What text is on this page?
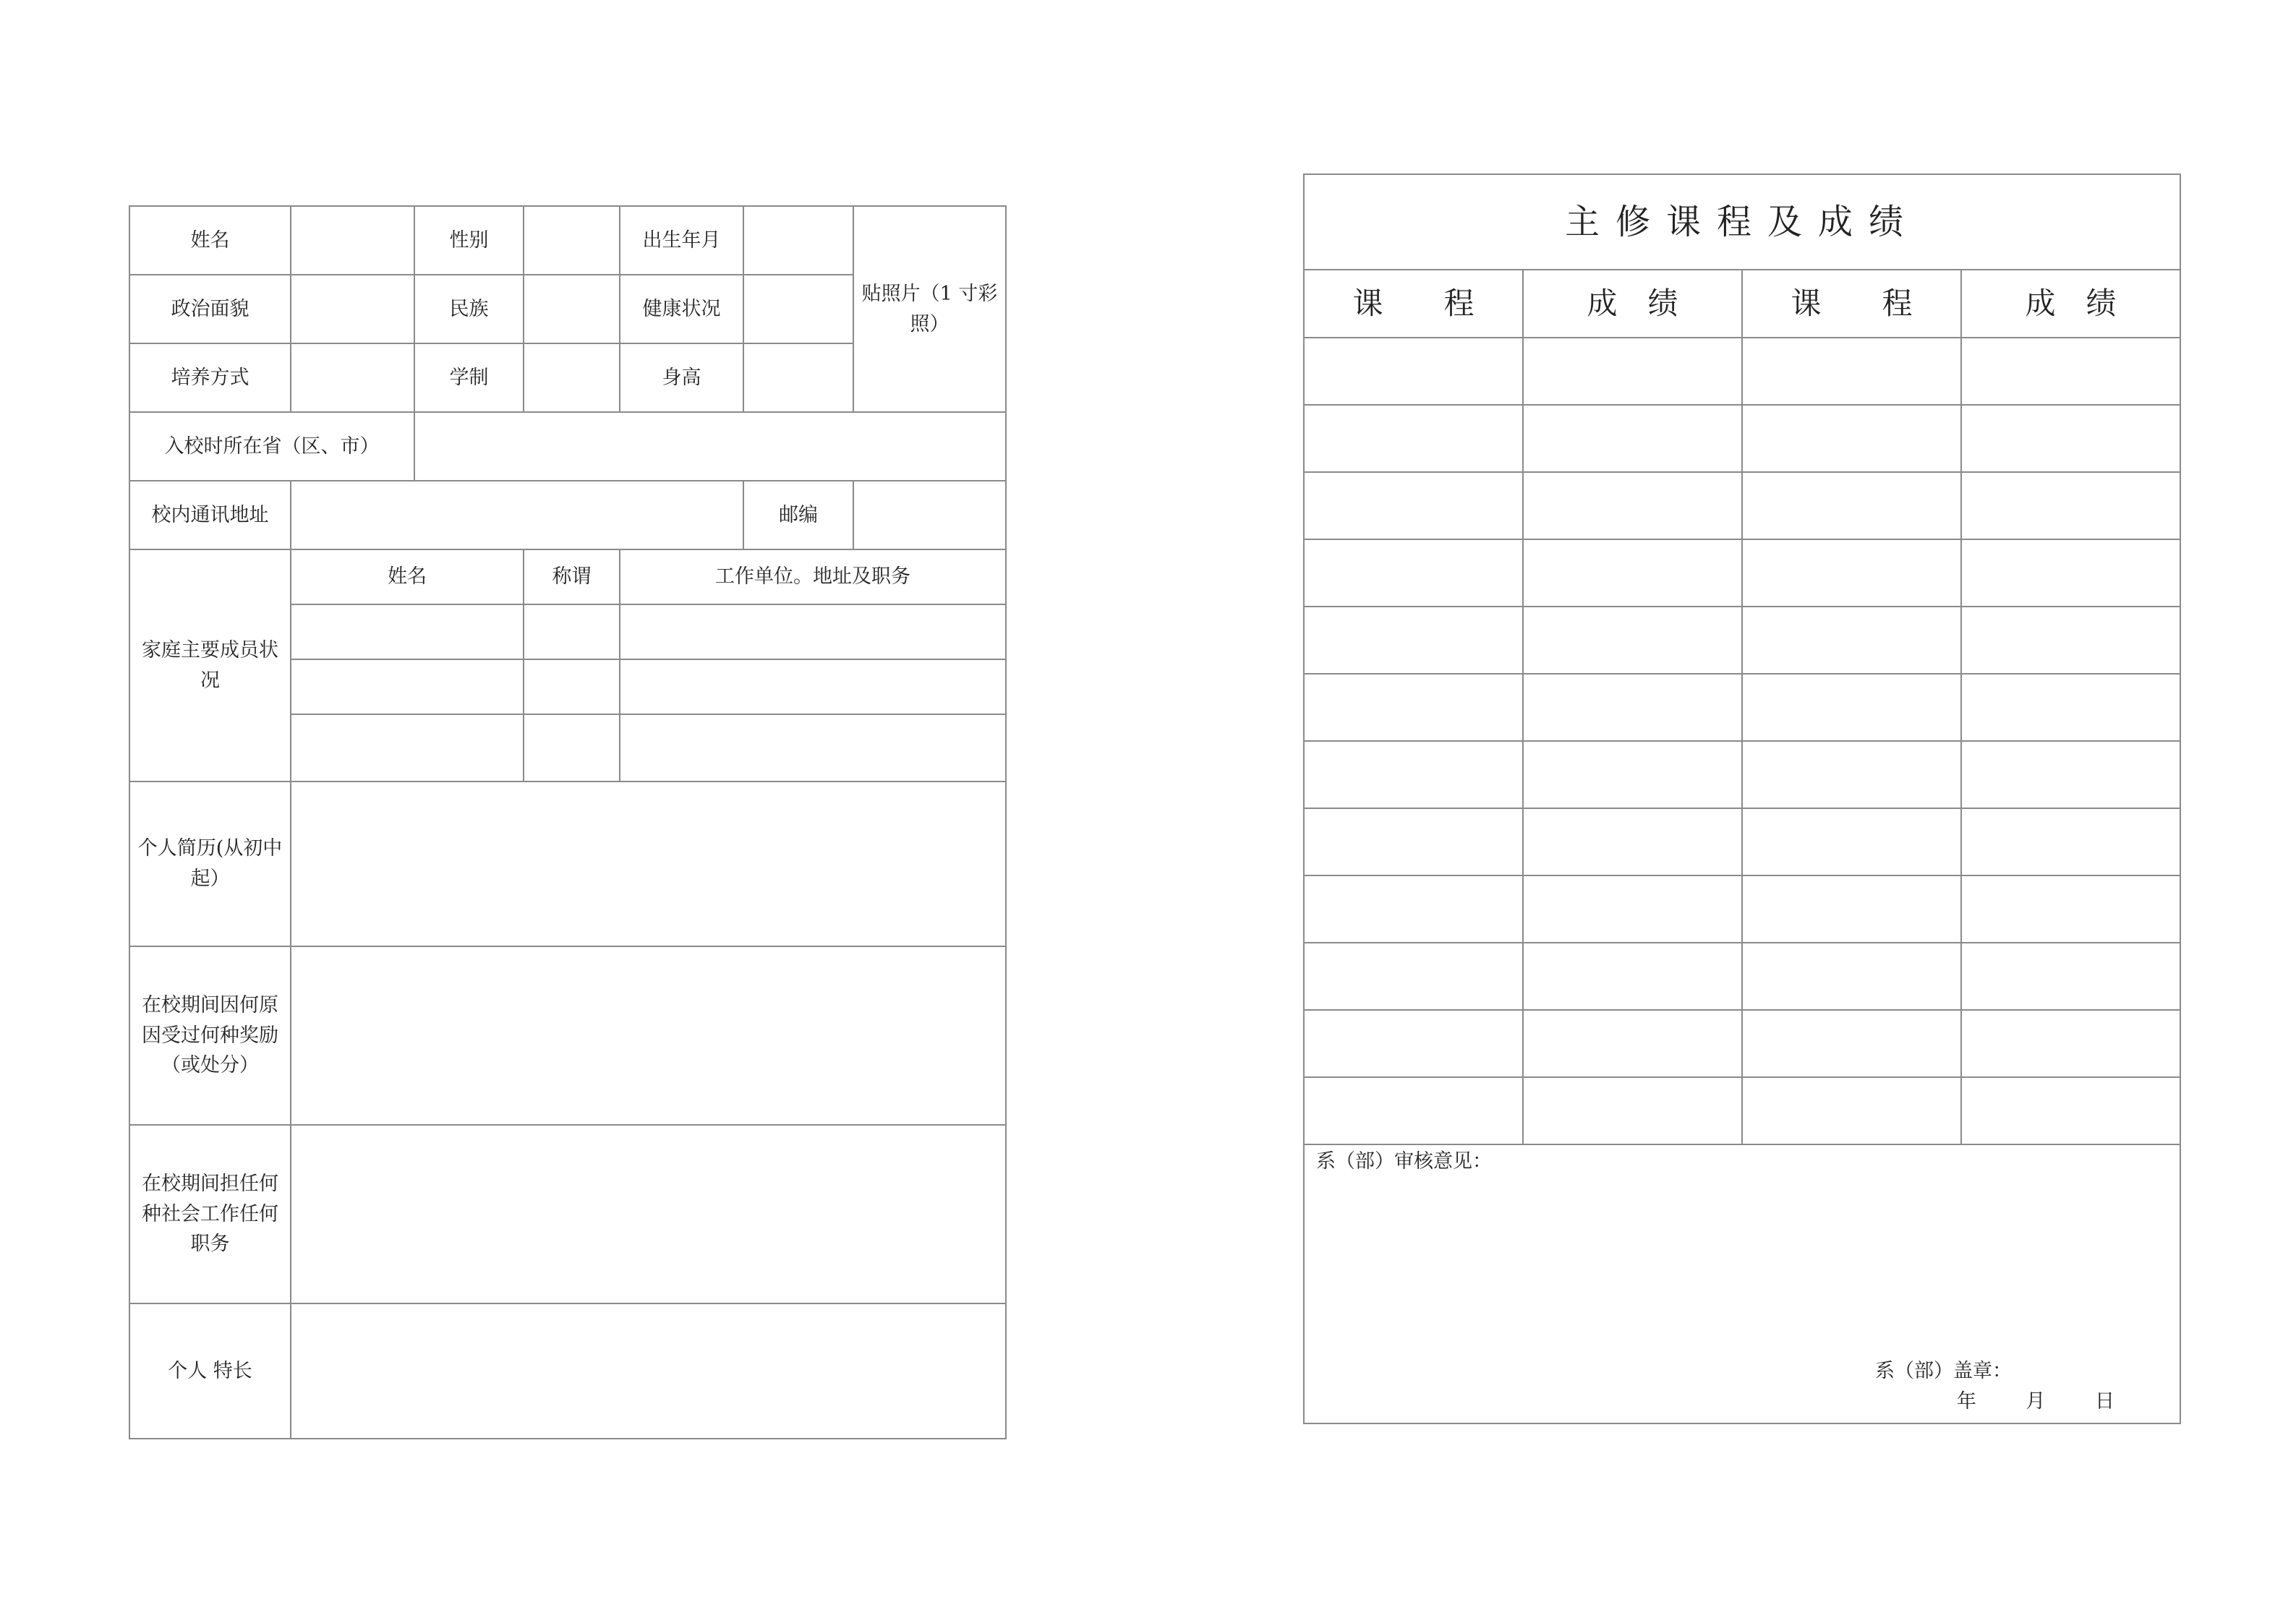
姓名		性别		出生年月		贴照片（1 寸彩照）
政治面貌		民族		健康状况		
培养方式		学制		身高		
入校时所在省（区、市）						
校内通讯地址					邮编	
家庭主要成员状况	姓名		称谓	工作单位。地址及职务		

个人简历(从初中起）						
在校期间因何原因受过何种奖励（或处分）						
在校期间担任何种社会工作任何职务						
个人 特长						
主修课程及成绩			
课　　程	成　绩	课　　程	成　绩

系（部）审核意见：
系（部）盖章：
年 月 日			
